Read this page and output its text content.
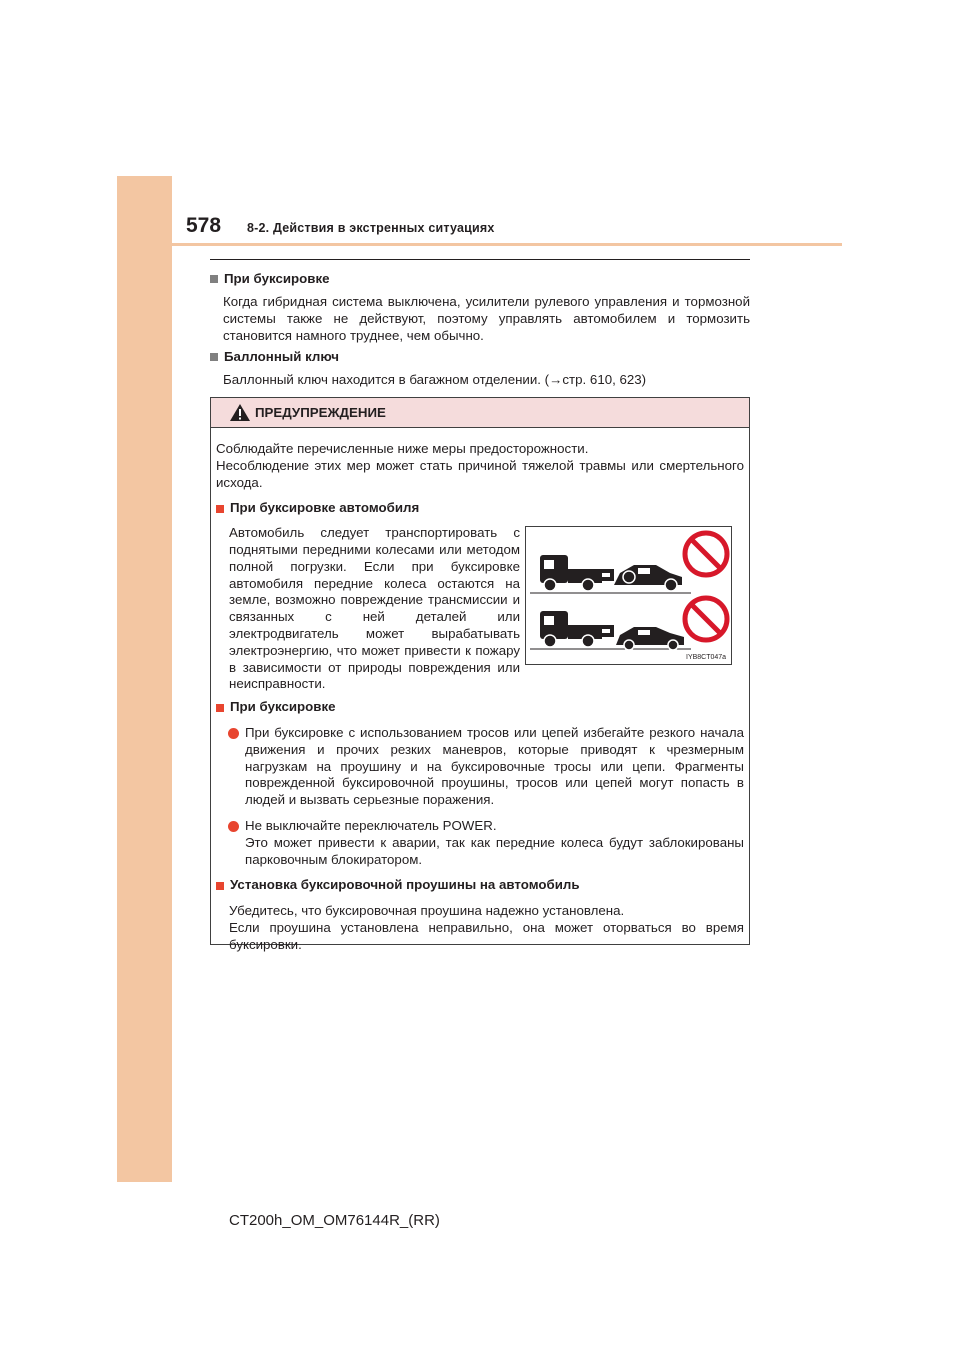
578 8-2. Действия в экстренных ситуациях
При буксировке
Когда гибридная система выключена, усилители рулевого управления и тормозной системы также не действуют, поэтому управлять автомобилем и тормозить становится намного труднее, чем обычно.
Баллонный ключ
Баллонный ключ находится в багажном отделении. (→стр. 610, 623)
ПРЕДУПРЕЖДЕНИЕ
Соблюдайте перечисленные ниже меры предосторожности.
Несоблюдение этих мер может стать причиной тяжелой травмы или смертельного исхода.
При буксировке автомобиля
Автомобиль следует транспортировать с поднятыми передними колесами или методом полной погрузки. Если при буксировке автомобиля передние колеса остаются на земле, возможно повреждение трансмиссии и связанных с ней деталей или электродвигатель может вырабатывать электроэнергию, что может привести к пожару в зависимости от природы повреждения или неисправности.
При буксировке
При буксировке с использованием тросов или цепей избегайте резкого начала движения и прочих резких маневров, которые приводят к чрезмерным нагрузкам на проушину и на буксировочные тросы или цепи. Фрагменты поврежденной буксировочной проушины, тросов или цепей могут попасть в людей и вызвать серьезные поражения.
Не выключайте переключатель POWER.
Это может привести к аварии, так как передние колеса будут заблокированы парковочным блокиратором.
Установка буксировочной проушины на автомобиль
Убедитесь, что буксировочная проушина надежно установлена.
Если проушина установлена неправильно, она может оторваться во время буксировки.
IYB8CT047a
CT200h_OM_OM76144R_(RR)
